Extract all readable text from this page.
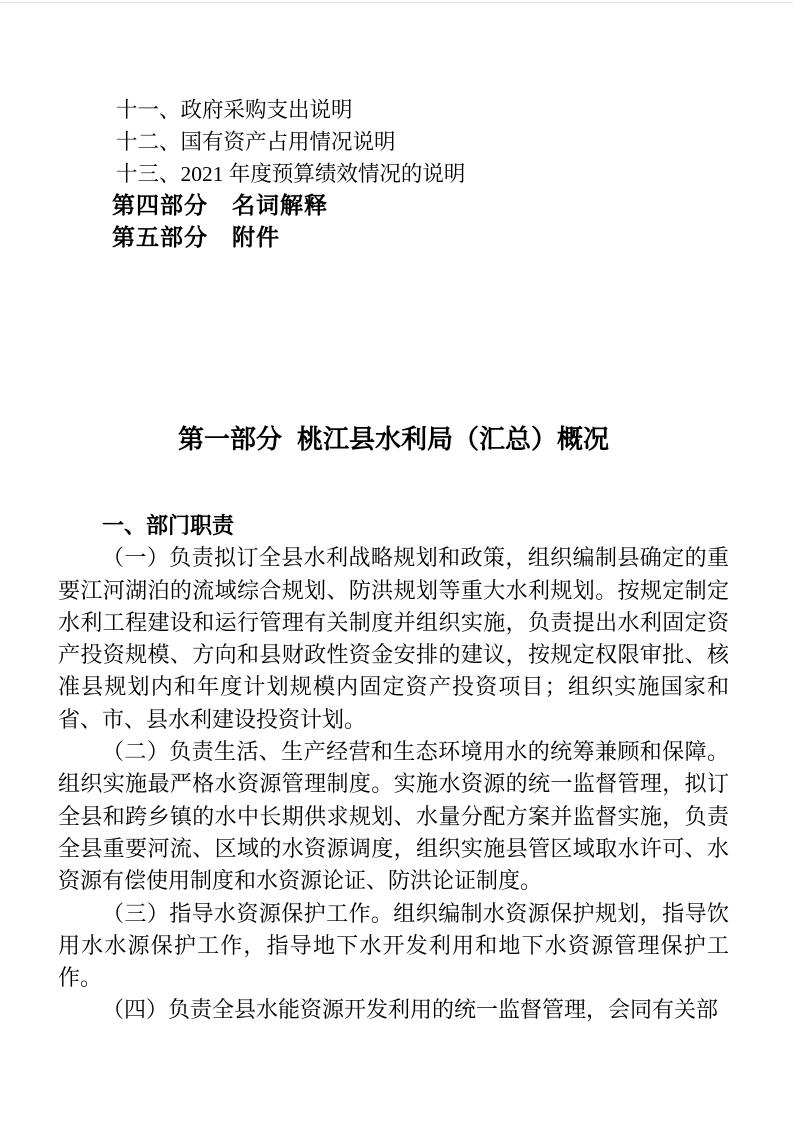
十一、政府采购支出说明
十二、国有资产占用情况说明
十三、2021 年度预算绩效情况的说明
第四部分 名词解释
第五部分 附件
第一部分 桃江县水利局（汇总）概况
一、部门职责

（一）负责拟订全县水利战略规划和政策，组织编制县确定的重要江河湖泊的流域综合规划、防洪规划等重大水利规划。按规定制定水利工程建设和运行管理有关制度并组织实施，负责提出水利固定资产投资规模、方向和县财政性资金安排的建议，按规定权限审批、核准县规划内和年度计划规模内固定资产投资项目；组织实施国家和省、市、县水利建设投资计划。

（二）负责生活、生产经营和生态环境用水的统筹兼顾和保障。组织实施最严格水资源管理制度。实施水资源的统一监督管理，拟订全县和跨乡镇的水中长期供求规划、水量分配方案并监督实施，负责全县重要河流、区域的水资源调度，组织实施县管区域取水许可、水资源有偿使用制度和水资源论证、防洪论证制度。

（三）指导水资源保护工作。组织编制水资源保护规划，指导饮用水水源保护工作，指导地下水开发利用和地下水资源管理保护工作。

（四）负责全县水能资源开发利用的统一监督管理，会同有关部
